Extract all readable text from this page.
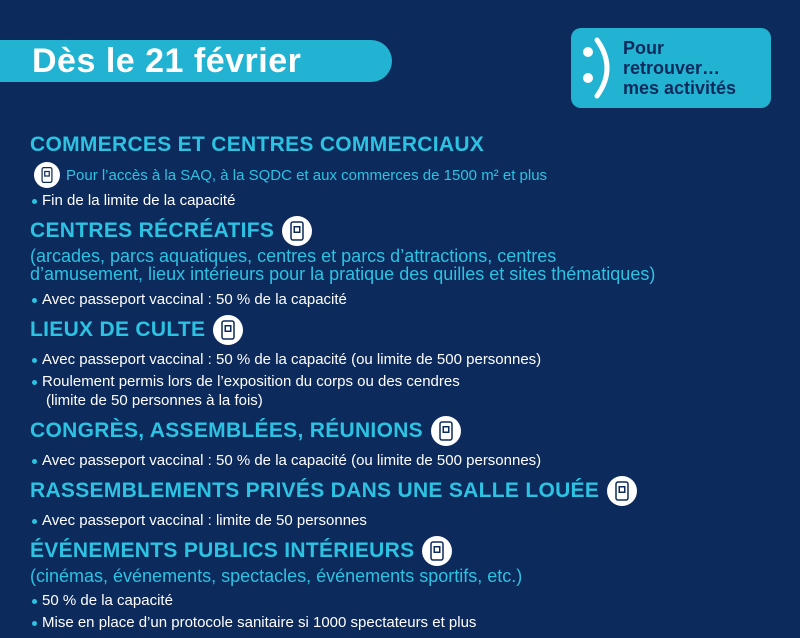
Dès le 21 février	Pour
retrouver…
mes activités
COMMERCES ET CENTRES COMMERCIAUX
Pour l’accès à la SAQ, à la SQDC et aux commerces de 1500 m² et plus
Fin de la limite de la capacité
CENTRES RÉCRÉATIFS
(arcades, parcs aquatiques, centres et parcs d’attractions, centres
d’amusement, lieux intérieurs pour la pratique des quilles et sites thématiques)
Avec passeport vaccinal : 50 % de la capacité
LIEUX DE CULTE
Avec passeport vaccinal : 50 % de la capacité (ou limite de 500 personnes)
Roulement permis lors de l’exposition du corps ou des cendres
(limite de 50 personnes à la fois)
CONGRÈS, ASSEMBLÉES, RÉUNIONS
Avec passeport vaccinal : 50 % de la capacité (ou limite de 500 personnes)
RASSEMBLEMENTS PRIVÉS DANS UNE SALLE LOUÉE
Avec passeport vaccinal : limite de 50 personnes
ÉVÉNEMENTS PUBLICS INTÉRIEURS
(cinémas, événements, spectacles, événements sportifs, etc.)
50 % de la capacité
Mise en place d’un protocole sanitaire si 1000 spectateurs et plus
